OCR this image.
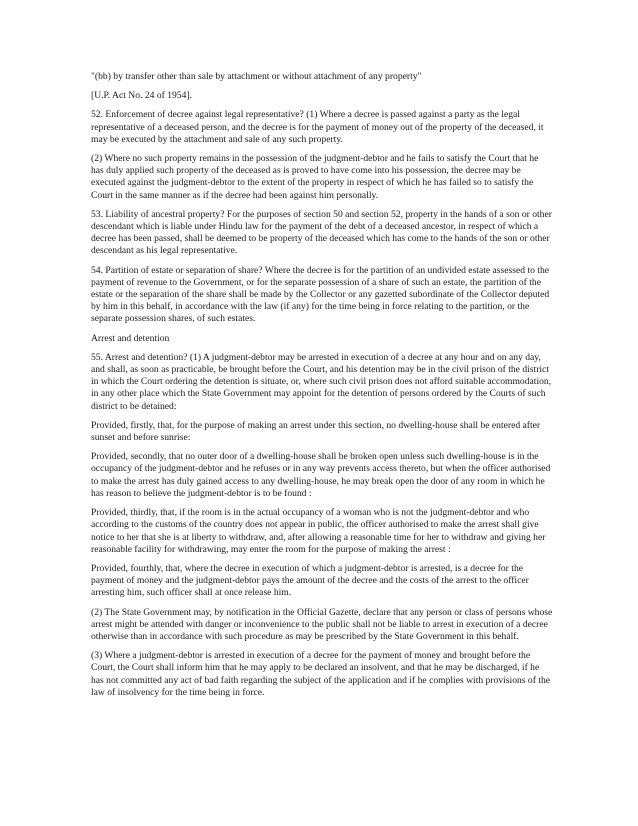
"(bb) by transfer other than sale by attachment or without attachment of any property"

[U.P. Act No. 24 of 1954].

52. Enforcement of decree against legal representative? (1) Where a decree is passed against a party as the legal representative of a deceased person, and the decree is for the payment of money out of the property of the deceased, it may be executed by the attachment and sale of any such property.

(2) Where no such property remains in the possession of the judgment-debtor and he fails to satisfy the Court that he has duly applied such property of the deceased as is proved to have come into his possession, the decree may be executed against the judgment-debtor to the extent of the property in respect of which he has failed so to satisfy the Court in the same manner as if the decree had been against him personally.

53. Liability of ancestral property? For the purposes of section 50 and section 52, property in the hands of a son or other descendant which is liable under Hindu law for the payment of the debt of a deceased ancestor, in respect of which a decree has been passed, shall be deemed to be property of the deceased which has come to the hands of the son or other descendant as his legal representative.

54. Partition of estate or separation of share? Where the decree is for the partition of an undivided estate assessed to the payment of revenue to the Government, or for the separate possession of a share of such an estate, the partition of the estate or the separation of the share shall be made by the Collector or any gazetted subordinate of the Collector deputed by him in this behalf, in accordance with the law (if any) for the time being in force relating to the partition, or the separate possession shares, of such estates.

Arrest and detention

55. Arrest and detention? (1) A judgment-debtor may be arrested in execution of a decree at any hour and on any day, and shall, as soon as practicable, be brought before the Court, and his detention may be in the civil prison of the district in which the Court ordering the detention is situate, or, where such civil prison does not afford suitable accommodation, in any other place which the State Government may appoint for the detention of persons ordered by the Courts of such district to be detained:

Provided, firstly, that, for the purpose of making an arrest under this section, no dwelling-house shall be entered after sunset and before sunrise:

Provided, secondly, that no outer door of a dwelling-house shall be broken open unless such dwelling-house is in the occupancy of the judgment-debtor and he refuses or in any way prevents access thereto, but when the officer authorised to make the arrest has duly gained access to any dwelling-house, he may break open the door of any room in which he has reason to believe the judgment-debtor is to be found :

Provided, thirdly, that, if the room is in the actual occupancy of a woman who is not the judgment-debtor and who according to the customs of the country does not appear in public, the officer authorised to make the arrest shall give notice to her that she is at liberty to withdraw, and, after allowing a reasonable time for her to withdraw and giving her reasonable facility for withdrawing, may enter the room for the purpose of making the arrest :

Provided, fourthly, that, where the decree in execution of which a judgment-debtor is arrested, is a decree for the payment of money and the judgment-debtor pays the amount of the decree and the costs of the arrest to the officer arresting him, such officer shall at once release him.

(2) The State Government may, by notification in the Official Gazette, declare that any person or class of persons whose arrest might be attended with danger or inconvenience to the public shall not be liable to arrest in execution of a decree otherwise than in accordance with such procedure as may be prescribed by the State Government in this behalf.

(3) Where a judgment-debtor is arrested in execution of a decree for the payment of money and brought before the Court, the Court shall inform him that he may apply to be declared an insolvent, and that he may be discharged, if he has not committed any act of bad faith regarding the subject of the application and if he complies with provisions of the law of insolvency for the time being in force.
